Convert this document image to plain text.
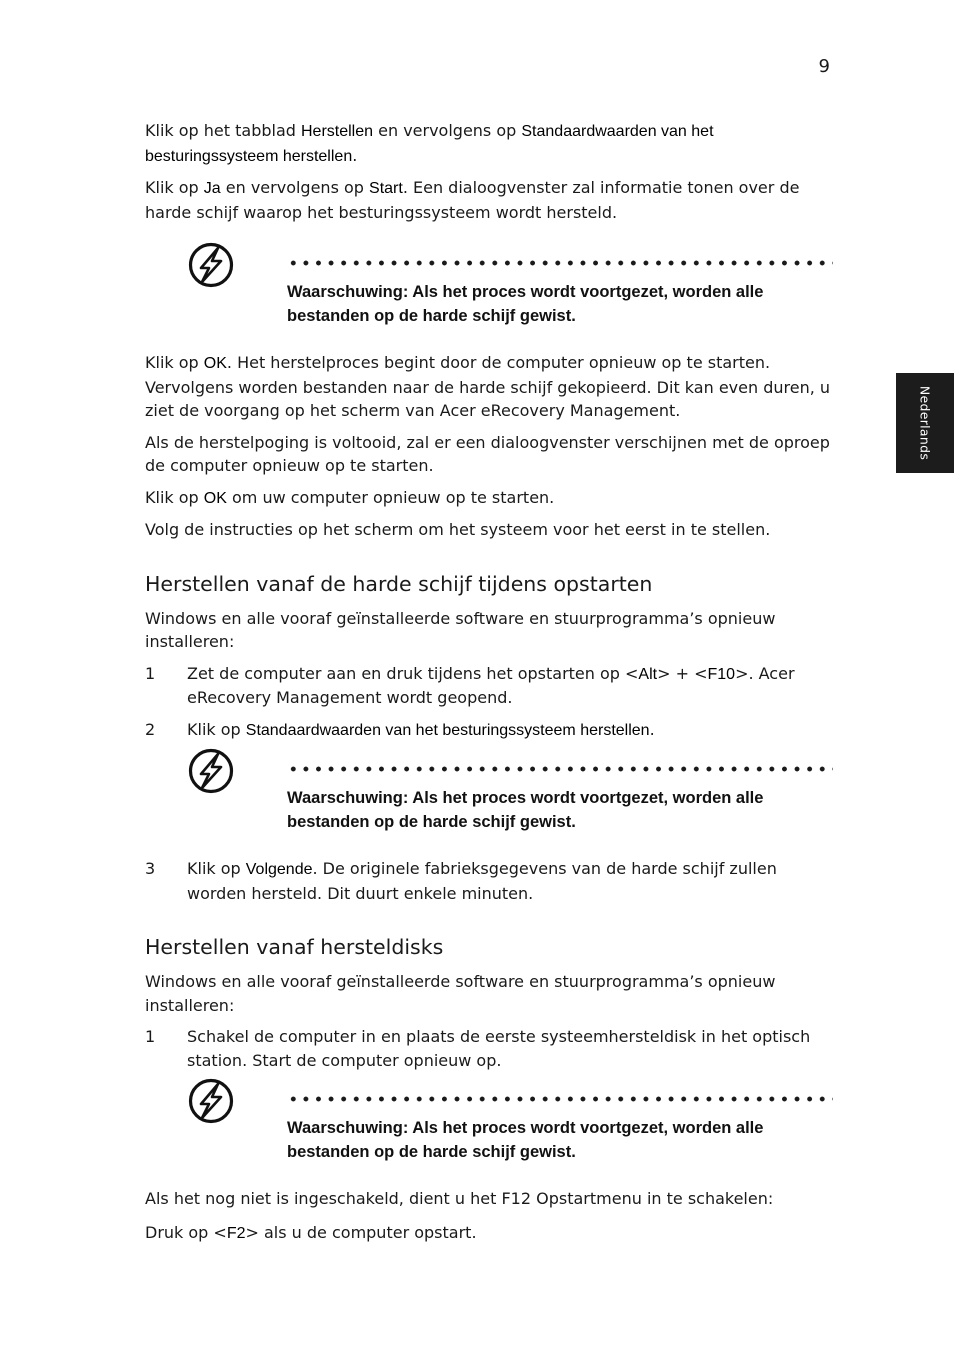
9
Nederlands

Klik op het tabblad Herstellen en vervolgens op Standaardwaarden van het besturingssysteem herstellen.

Klik op Ja en vervolgens op Start. Een dialoogvenster zal informatie tonen over de harde schijf waarop het besturingssysteem wordt hersteld.

Waarschuwing: Als het proces wordt voortgezet, worden alle bestanden op de harde schijf gewist.

Klik op OK. Het herstelproces begint door de computer opnieuw op te starten. Vervolgens worden bestanden naar de harde schijf gekopieerd. Dit kan even duren, u ziet de voorgang op het scherm van Acer eRecovery Management.

Als de herstelpoging is voltooid, zal er een dialoogvenster verschijnen met de oproep de computer opnieuw op te starten.

Klik op OK om uw computer opnieuw op te starten.

Volg de instructies op het scherm om het systeem voor het eerst in te stellen.

Herstellen vanaf de harde schijf tijdens opstarten

Windows en alle vooraf geïnstalleerde software en stuurprogramma’s opnieuw installeren:

1 Zet de computer aan en druk tijdens het opstarten op <Alt> + <F10>. Acer eRecovery Management wordt geopend.
2 Klik op Standaardwaarden van het besturingssysteem herstellen.
Waarschuwing: Als het proces wordt voortgezet, worden alle bestanden op de harde schijf gewist.
3 Klik op Volgende. De originele fabrieksgegevens van de harde schijf zullen worden hersteld. Dit duurt enkele minuten.
Herstellen vanaf hersteldisks

Windows en alle vooraf geïnstalleerde software en stuurprogramma’s opnieuw installeren:

1 Schakel de computer in en plaats de eerste systeemhersteldisk in het optisch station. Start de computer opnieuw op.
Waarschuwing: Als het proces wordt voortgezet, worden alle bestanden op de harde schijf gewist.

Als het nog niet is ingeschakeld, dient u het F12 Opstartmenu in te schakelen:

Druk op <F2> als u de computer opstart.
